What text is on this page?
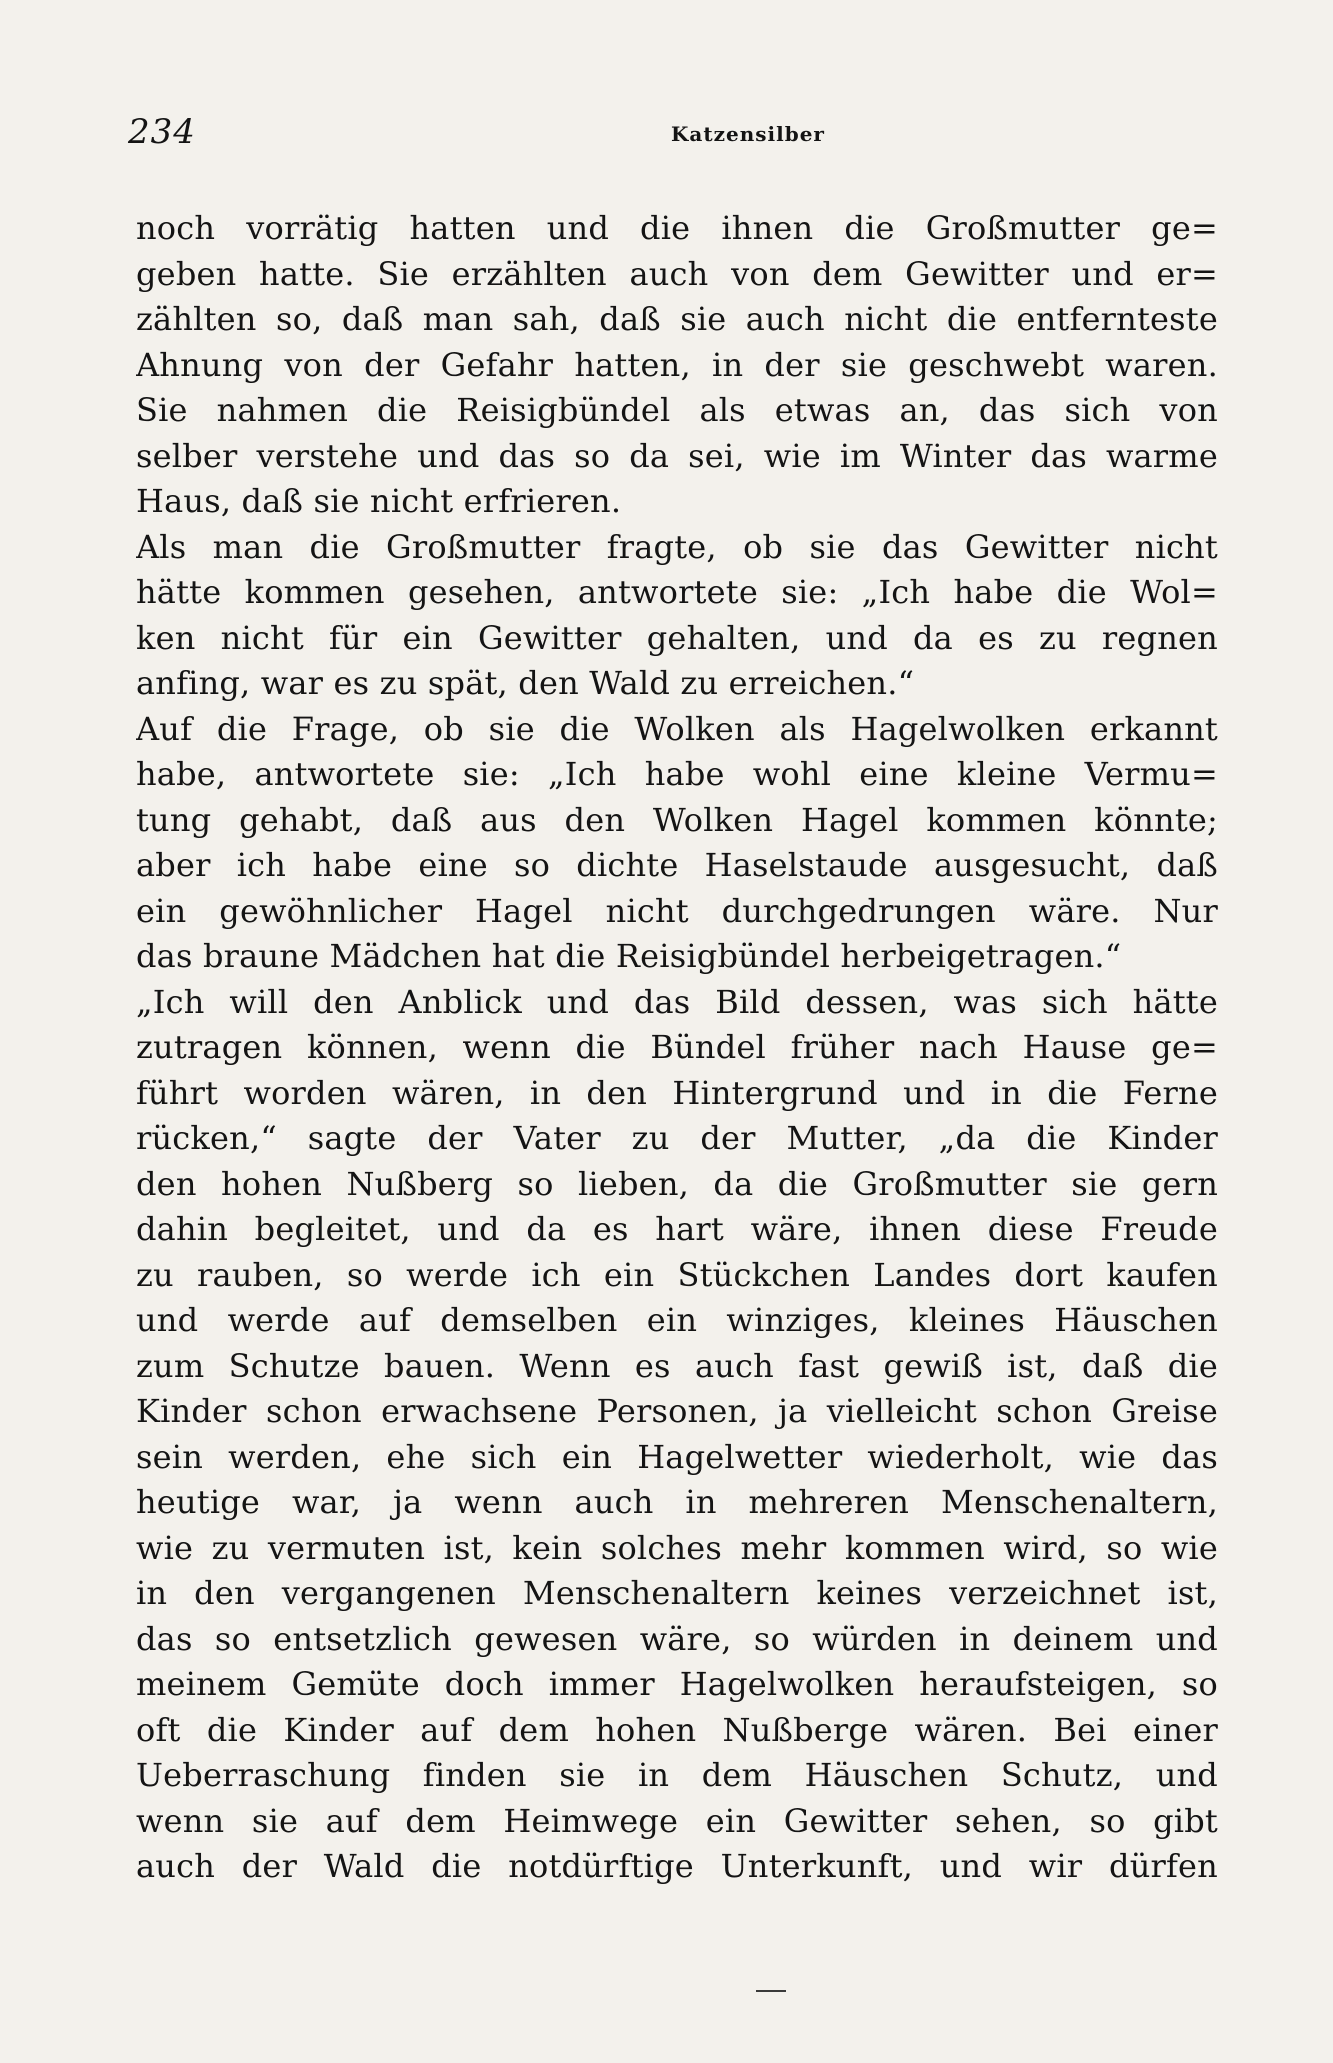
234	Katzensilber
noch vorrätig hatten und die ihnen die Großmutter ge=
geben hatte. Sie erzählten auch von dem Gewitter und er=
zählten so, daß man sah, daß sie auch nicht die entfernteste
Ahnung von der Gefahr hatten, in der sie geschwebt waren.
Sie nahmen die Reisigbündel als etwas an, das sich von
selber verstehe und das so da sei, wie im Winter das warme
Haus, daß sie nicht erfrieren.
Als man die Großmutter fragte, ob sie das Gewitter nicht
hätte kommen gesehen, antwortete sie: „Ich habe die Wol=
ken nicht für ein Gewitter gehalten, und da es zu regnen
anfing, war es zu spät, den Wald zu erreichen.“
Auf die Frage, ob sie die Wolken als Hagelwolken erkannt
habe, antwortete sie: „Ich habe wohl eine kleine Vermu=
tung gehabt, daß aus den Wolken Hagel kommen könnte;
aber ich habe eine so dichte Haselstaude ausgesucht, daß
ein gewöhnlicher Hagel nicht durchgedrungen wäre. Nur
das braune Mädchen hat die Reisigbündel herbeigetragen.“
„Ich will den Anblick und das Bild dessen, was sich hätte
zutragen können, wenn die Bündel früher nach Hause ge=
führt worden wären, in den Hintergrund und in die Ferne
rücken,“ sagte der Vater zu der Mutter, „da die Kinder
den hohen Nußberg so lieben, da die Großmutter sie gern
dahin begleitet, und da es hart wäre, ihnen diese Freude
zu rauben, so werde ich ein Stückchen Landes dort kaufen
und werde auf demselben ein winziges, kleines Häuschen
zum Schutze bauen. Wenn es auch fast gewiß ist, daß die
Kinder schon erwachsene Personen, ja vielleicht schon Greise
sein werden, ehe sich ein Hagelwetter wiederholt, wie das
heutige war, ja wenn auch in mehreren Menschenaltern,
wie zu vermuten ist, kein solches mehr kommen wird, so wie
in den vergangenen Menschenaltern keines verzeichnet ist,
das so entsetzlich gewesen wäre, so würden in deinem und
meinem Gemüte doch immer Hagelwolken heraufsteigen, so
oft die Kinder auf dem hohen Nußberge wären. Bei einer
Ueberraschung finden sie in dem Häuschen Schutz, und
wenn sie auf dem Heimwege ein Gewitter sehen, so gibt
auch der Wald die notdürftige Unterkunft, und wir dürfen
